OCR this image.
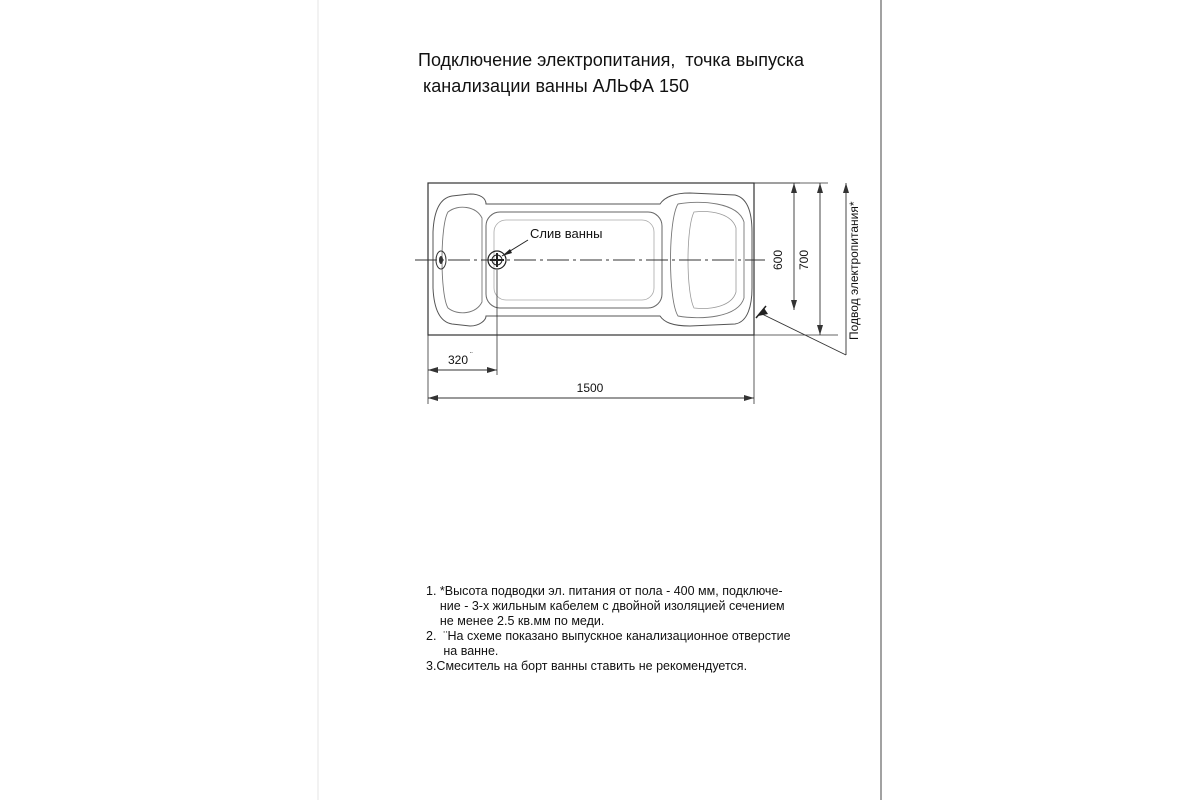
Подключение электропитания,  точка выпуска
канализации ванны АЛЬФА 150
Слив ванны
600 700	Подвод электропитания*
320 ¨
1500
1. *Высота подводки эл. питания от пола - 400 мм, подключе-
ние - 3-х жильным кабелем с двойной изоляцией сечением
не менее 2.5 кв.мм по меди.
2.  ¨На схеме показано выпускное канализационное отверстие
на ванне.
3.Смеситель на борт ванны ставить не рекомендуется.
